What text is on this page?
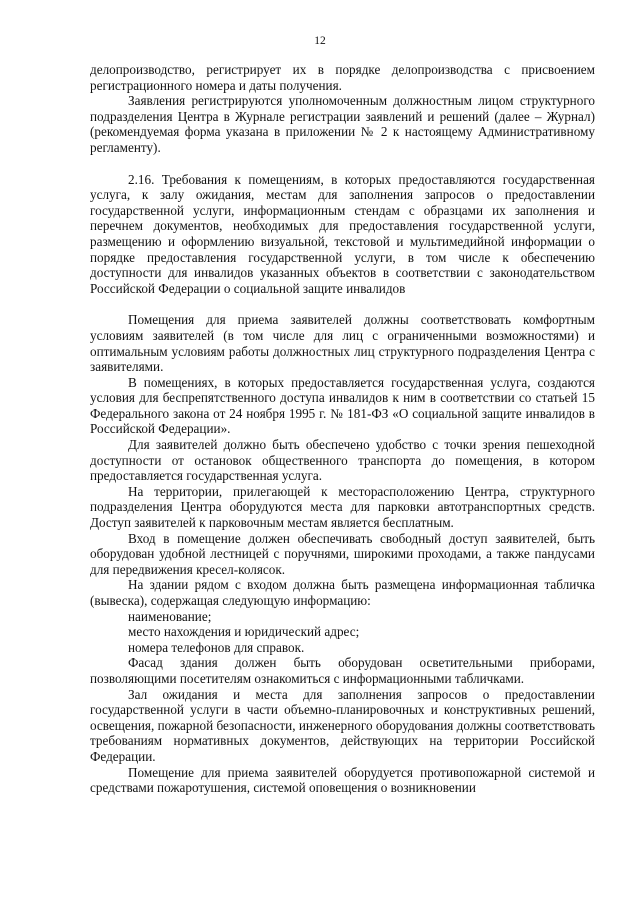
12

делопроизводство, регистрирует их в порядке делопроизводства с присвоением регистрационного номера и даты получения.

Заявления регистрируются уполномоченным должностным лицом структурного подразделения Центра в Журнале регистрации заявлений и решений (далее – Журнал) (рекомендуемая форма указана в приложении № 2 к настоящему Административному регламенту).

2.16. Требования к помещениям, в которых предоставляются государственная услуга, к залу ожидания, местам для заполнения запросов о предоставлении государственной услуги, информационным стендам с образцами их заполнения и перечнем документов, необходимых для предоставления государственной услуги, размещению и оформлению визуальной, текстовой и мультимедийной информации о порядке предоставления государственной услуги, в том числе к обеспечению доступности для инвалидов указанных объектов в соответствии с законодательством Российской Федерации о социальной защите инвалидов

Помещения для приема заявителей должны соответствовать комфортным условиям заявителей (в том числе для лиц с ограниченными возможностями) и оптимальным условиям работы должностных лиц структурного подразделения Центра с заявителями.

В помещениях, в которых предоставляется государственная услуга, создаются условия для беспрепятственного доступа инвалидов к ним в соответствии со статьей 15 Федерального закона от 24 ноября 1995 г. № 181-ФЗ «О социальной защите инвалидов в Российской Федерации».

Для заявителей должно быть обеспечено удобство с точки зрения пешеходной доступности от остановок общественного транспорта до помещения, в котором предоставляется государственная услуга.

На территории, прилегающей к месторасположению Центра, структурного подразделения Центра оборудуются места для парковки автотранспортных средств. Доступ заявителей к парковочным местам является бесплатным.

Вход в помещение должен обеспечивать свободный доступ заявителей, быть оборудован удобной лестницей с поручнями, широкими проходами, а также пандусами для передвижения кресел-колясок.

На здании рядом с входом должна быть размещена информационная табличка (вывеска), содержащая следующую информацию:

наименование;

место нахождения и юридический адрес;

номера телефонов для справок.

Фасад здания должен быть оборудован осветительными приборами, позволяющими посетителям ознакомиться с информационными табличками.

Зал ожидания и места для заполнения запросов о предоставлении государственной услуги в части объемно-планировочных и конструктивных решений, освещения, пожарной безопасности, инженерного оборудования должны соответствовать требованиям нормативных документов, действующих на территории Российской Федерации.

Помещение для приема заявителей оборудуется противопожарной системой и средствами пожаротушения, системой оповещения о возникновении
